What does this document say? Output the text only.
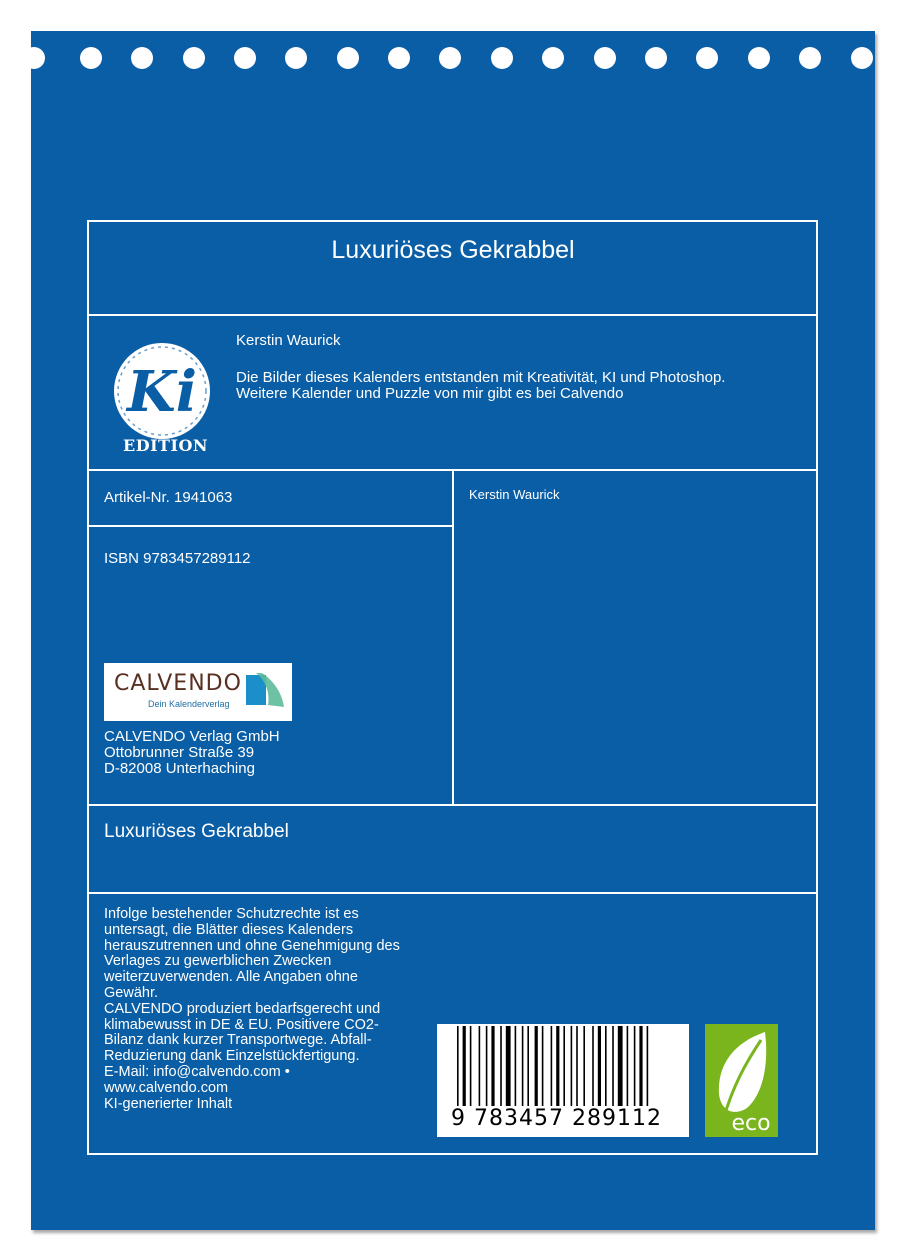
Luxuriöses Gekrabbel
Ki
EDITION
Kerstin Waurick
Die Bilder dieses Kalenders entstanden mit Kreativität, KI und Photoshop. Weitere Kalender und Puzzle von mir gibt es bei Calvendo
Artikel-Nr. 1941063
ISBN 9783457289112
Kerstin Waurick
CALVENDO
Dein Kalenderverlag
CALVENDO Verlag GmbH
Ottobrunner Straße 39
D-82008 Unterhaching
Luxuriöses Gekrabbel
Infolge bestehender Schutzrechte ist es
untersagt, die Blätter dieses Kalenders
herauszutrennen und ohne Genehmigung des
Verlages zu gewerblichen Zwecken
weiterzuverwenden. Alle Angaben ohne
Gewähr.
CALVENDO produziert bedarfsgerecht und
klimabewusst in DE & EU. Positivere CO2-
Bilanz dank kurzer Transportwege. Abfall-
Reduzierung dank Einzelstückfertigung.
E-Mail: info@calvendo.com •
www.calvendo.com
KI-generierter Inhalt
9 783457 289112	eco
